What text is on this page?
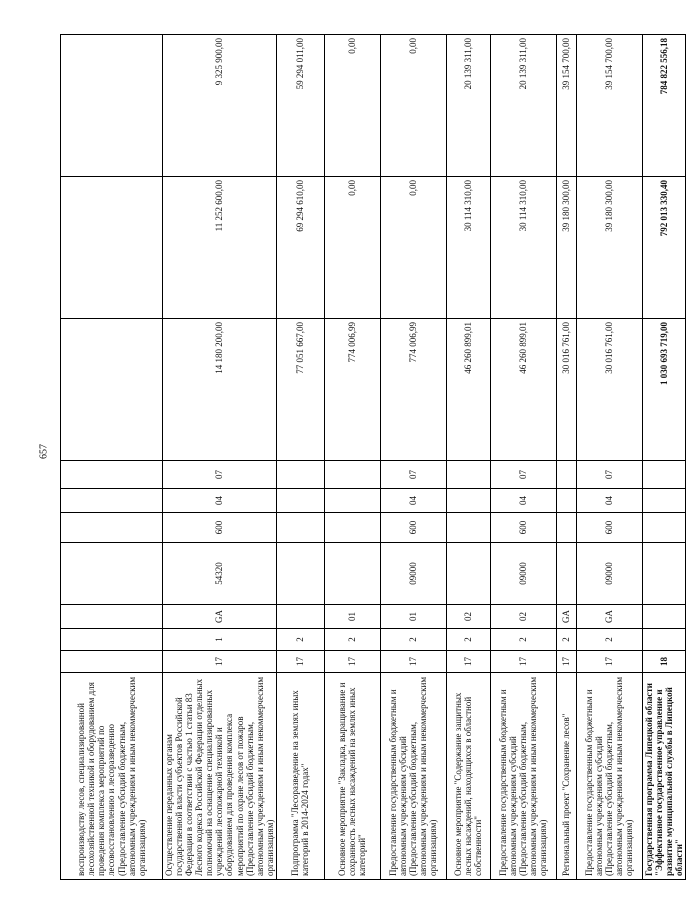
657
воспроизводству лесов, специализированной лесохозяйственной техникой и оборудованием для проведения комплекса мероприятий по лесовосстановлению и лесоразведению (Предоставление субсидий бюджетным, автономным учреждениям и иным некоммерческим организациям)										
Осуществление переданных органам государственной власти субъектов Российской Федерации в соответствии с частью 1 статьи 83 Лесного кодекса Российской Федерации отдельных полномочий на оснащение специализированных учреждений лесопожарной техникой и оборудованием для проведения комплекса мероприятий по охране лесов от пожаров (Предоставление субсидий бюджетным, автономным учреждениям и иным некоммерческим организациям)	17	1	GA	54320	600	04	07	14 180 200,00	11 252 600,00	9 325 900,00
Подпрограмма "Лесоразведение на землях иных категорий в 2014-2024 годах"	17	2						77 051 667,00	69 294 610,00	59 294 011,00
Основное мероприятие "Закладка, выращивание и сохранность лесных насаждений на землях иных категорий"	17	2	01					774 006,99	0,00	0,00
Предоставление государственным бюджетным и автономным учреждениям субсидий (Предоставление субсидий бюджетным, автономным учреждениям и иным некоммерческим организациям)	17	2	01	09000	600	04	07	774 006,99	0,00	0,00
Основное мероприятие "Содержание защитных лесных насаждений, находящихся в областной собственности"	17	2	02					46 260 899,01	30 114 310,00	20 139 311,00
Предоставление государственным бюджетным и автономным учреждениям субсидий (Предоставление субсидий бюджетным, автономным учреждениям и иным некоммерческим организациям)	17	2	02	09000	600	04	07	46 260 899,01	30 114 310,00	20 139 311,00
Региональный проект "Сохранение лесов"	17	2	GA					30 016 761,00	39 180 300,00	39 154 700,00
Предоставление государственным бюджетным и автономным учреждениям субсидий (Предоставление субсидий бюджетным, автономным учреждениям и иным некоммерческим организациям)	17	2	GA	09000	600	04	07	30 016 761,00	39 180 300,00	39 154 700,00
Государственная программа Липецкой области "Эффективное государственное управление и развитие муниципальной службы в Липецкой области"	18							1 030 693 719,00	792 013 330,40	784 822 556,18
